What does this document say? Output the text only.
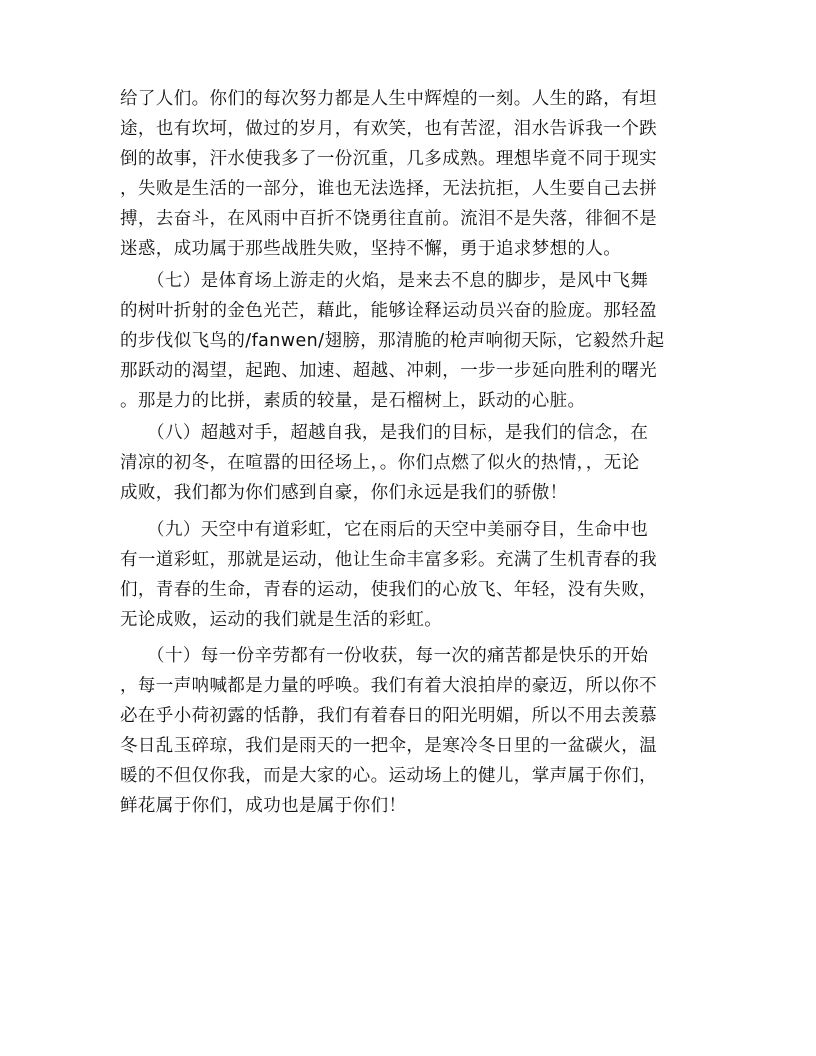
给了人们。你们的每次努力都是人生中辉煌的一刻。人生的路，有坦
途，也有坎坷，做过的岁月，有欢笑，也有苦涩，泪水告诉我一个跌
倒的故事，汗水使我多了一份沉重，几多成熟。理想毕竟不同于现实
，失败是生活的一部分，谁也无法选择，无法抗拒，人生要自己去拼
搏，去奋斗，在风雨中百折不饶勇往直前。流泪不是失落，徘徊不是
迷惑，成功属于那些战胜失败，坚持不懈，勇于追求梦想的人。
　　（七）是体育场上游走的火焰，是来去不息的脚步，是风中飞舞
的树叶折射的金色光芒，藉此，能够诠释运动员兴奋的脸庞。那轻盈
的步伐似飞鸟的/fanwen/翅膀，那清脆的枪声响彻天际，它毅然升起
那跃动的渴望，起跑、加速、超越、冲刺，一步一步延向胜利的曙光
。那是力的比拼，素质的较量，是石榴树上，跃动的心脏。
　　（八）超越对手，超越自我，是我们的目标，是我们的信念，在
清凉的初冬，在喧嚣的田径场上，。你们点燃了似火的热情，，无论
成败，我们都为你们感到自豪，你们永远是我们的骄傲！
　　（九）天空中有道彩虹，它在雨后的天空中美丽夺目，生命中也
有一道彩虹，那就是运动，他让生命丰富多彩。充满了生机青春的我
们，青春的生命，青春的运动，使我们的心放飞、年轻，没有失败，
无论成败，运动的我们就是生活的彩虹。
　　（十）每一份辛劳都有一份收获，每一次的痛苦都是快乐的开始
，每一声呐喊都是力量的呼唤。我们有着大浪拍岸的豪迈，所以你不
必在乎小荷初露的恬静，我们有着春日的阳光明媚，所以不用去羡慕
冬日乱玉碎琼，我们是雨天的一把伞，是寒冷冬日里的一盆碳火，温
暖的不但仅你我，而是大家的心。运动场上的健儿，掌声属于你们，
鲜花属于你们，成功也是属于你们！
